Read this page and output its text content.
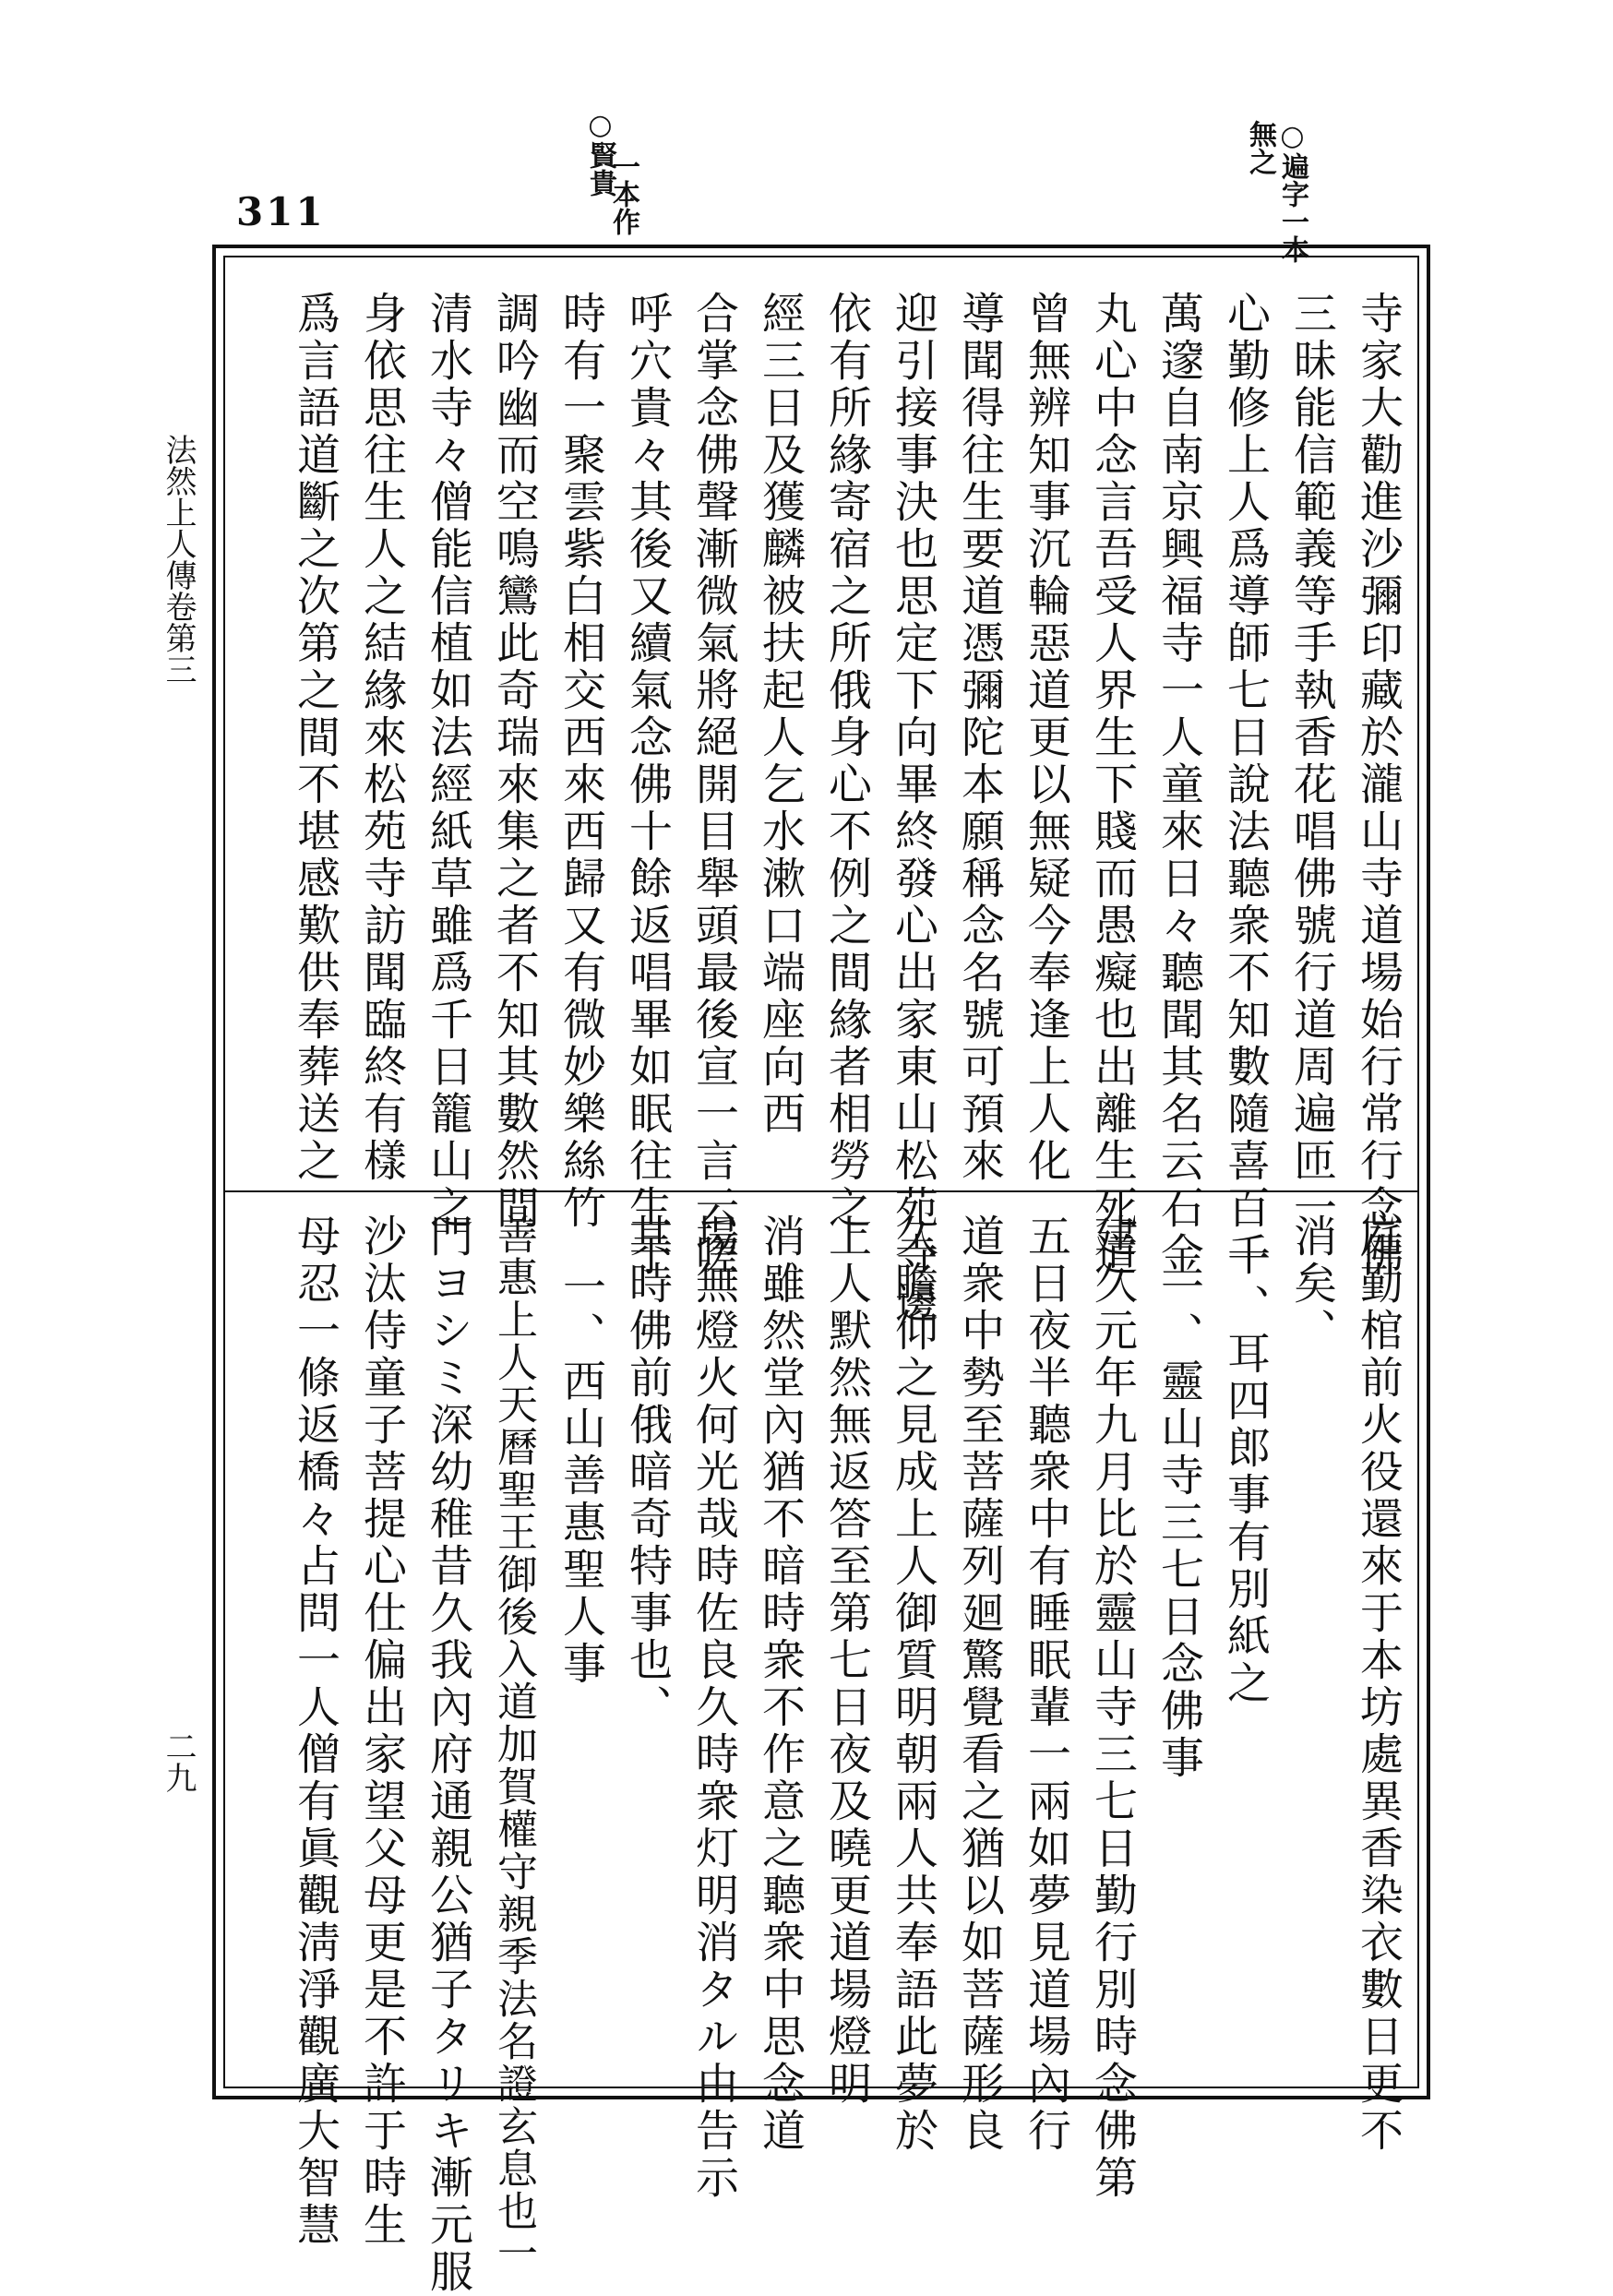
311
○遍字一本
無之
○賢貴
一本作
法然上人傳卷第三
二九
寺家大勸進沙彌印藏於瀧山寺道場始行常行念佛
三昧能信範義等手執香花唱佛號行道周遍匝一
心勤修上人爲導師七日說法聽衆不知數隨喜百千
萬𨗉自南京興福寺一人童來日々聽聞其名云石金
丸心中念言吾受人界生下賤而愚癡也出離生死道
曾無辨知事沉輪惡道更以無疑今奉逢上人化
導聞得往生要道憑彌陀本願稱念名號可預來
迎引接事決也思定下向畢終發心出家東山松苑寺邊
依有所緣寄宿之所俄身心不例之間緣者相勞之
經三日及獲麟被扶起人乞水漱口端座向西
合掌念佛聲漸微氣將絕開目舉頭最後宣一言云嗟
呼穴貴々其後又續氣念佛十餘返唱畢如眠往生于
時有一聚雲紫白相交西來西歸又有微妙樂絲竹
調吟幽而空鳴鸞此奇瑞來集之者不知其數然間
清水寺々僧能信植如法經紙草雖爲千日籠山之
身依思往生人之結緣來松苑寺訪聞臨終有樣
爲言語道斷之次第之間不堪感歎供奉葬送之
庭勤棺前火役還來于本坊處異香染衣數日更不
消矣、
一、耳四郎事有別紙之
一、靈山寺三七日念佛事
建久元年九月比於靈山寺三七日勤行別時念佛第
五日夜半聽衆中有睡眠輩一兩如夢見道場內行
道衆中勢至菩薩列廻驚覺看之猶以如菩薩形良
久瞻仰之見成上人御質明朝兩人共奉語此夢於
上人默然無返答至第七日夜及曉更道場燈明
消雖然堂內猶不暗時衆不作意之聽衆中思念道
場無燈火何光哉時佐良久時衆灯明消タル由告示
其時佛前俄暗奇特事也、
一、西山善惠聖人事
善惠上人天曆聖王御後入道加賀權守親季法名證玄息也一
門ヨシミ深幼稚昔久我內府通親公猶子タリキ漸元服
沙汰侍童子菩提心仕偏出家望父母更是不許于時生
母忍一條返橋々占問一人僧有眞觀淸淨觀廣大智慧
